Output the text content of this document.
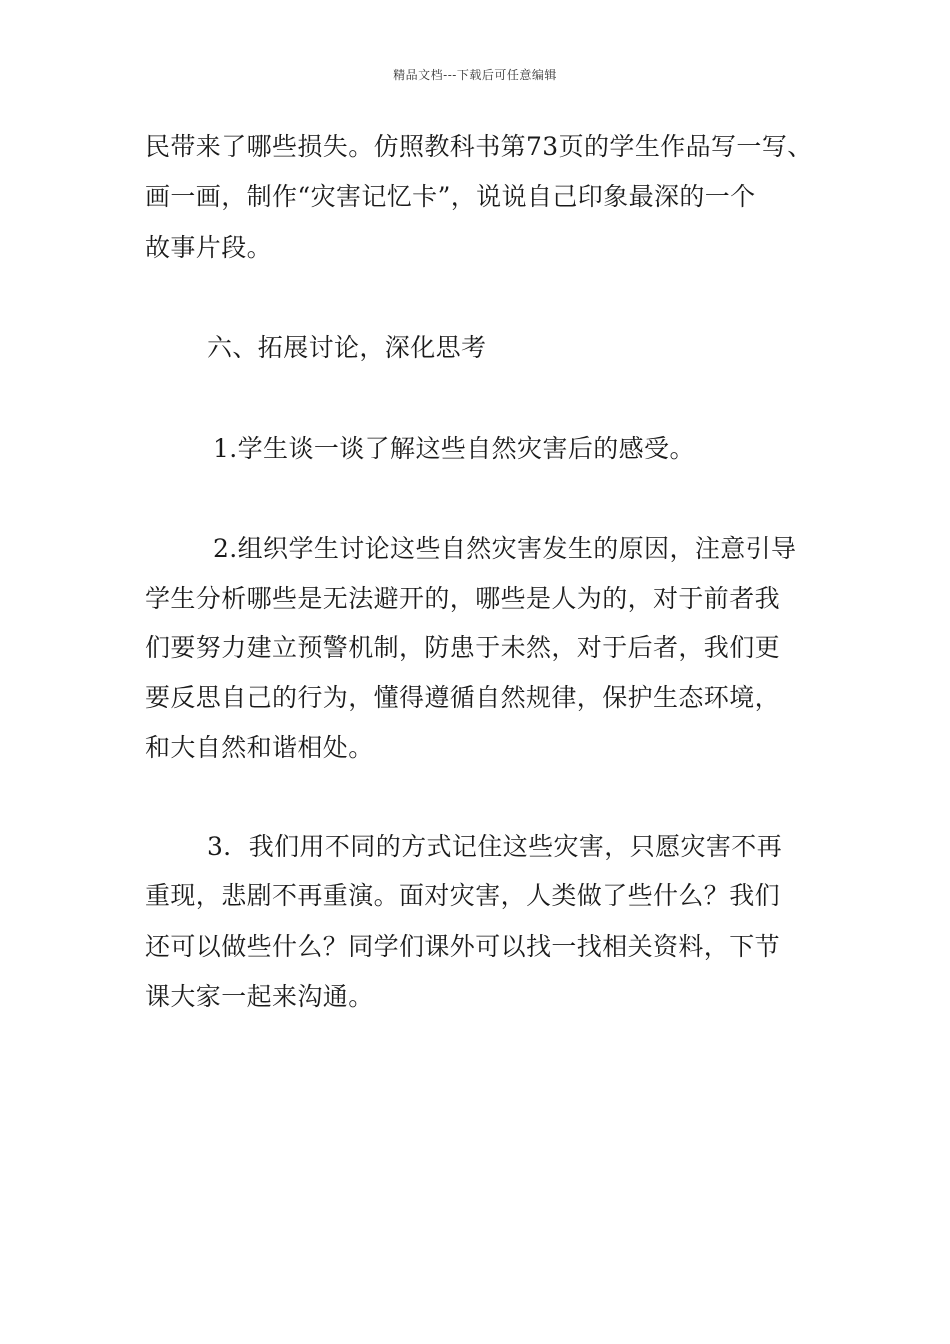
精品文档---下载后可任意编辑
民带来了哪些损失。仿照教科书第73页的学生作品写一写、
画一画，制作“灾害记忆卡”，说说自己印象最深的一个
故事片段。
六、拓展讨论，深化思考
1.学生谈一谈了解这些自然灾害后的感受。
2.组织学生讨论这些自然灾害发生的原因，注意引导
学生分析哪些是无法避开的，哪些是人为的，对于前者我
们要努力建立预警机制，防患于未然，对于后者，我们更
要反思自己的行为，懂得遵循自然规律，保护生态环境，
和大自然和谐相处。
3．我们用不同的方式记住这些灾害，只愿灾害不再
重现，悲剧不再重演。面对灾害，人类做了些什么？我们
还可以做些什么？同学们课外可以找一找相关资料，下节
课大家一起来沟通。
